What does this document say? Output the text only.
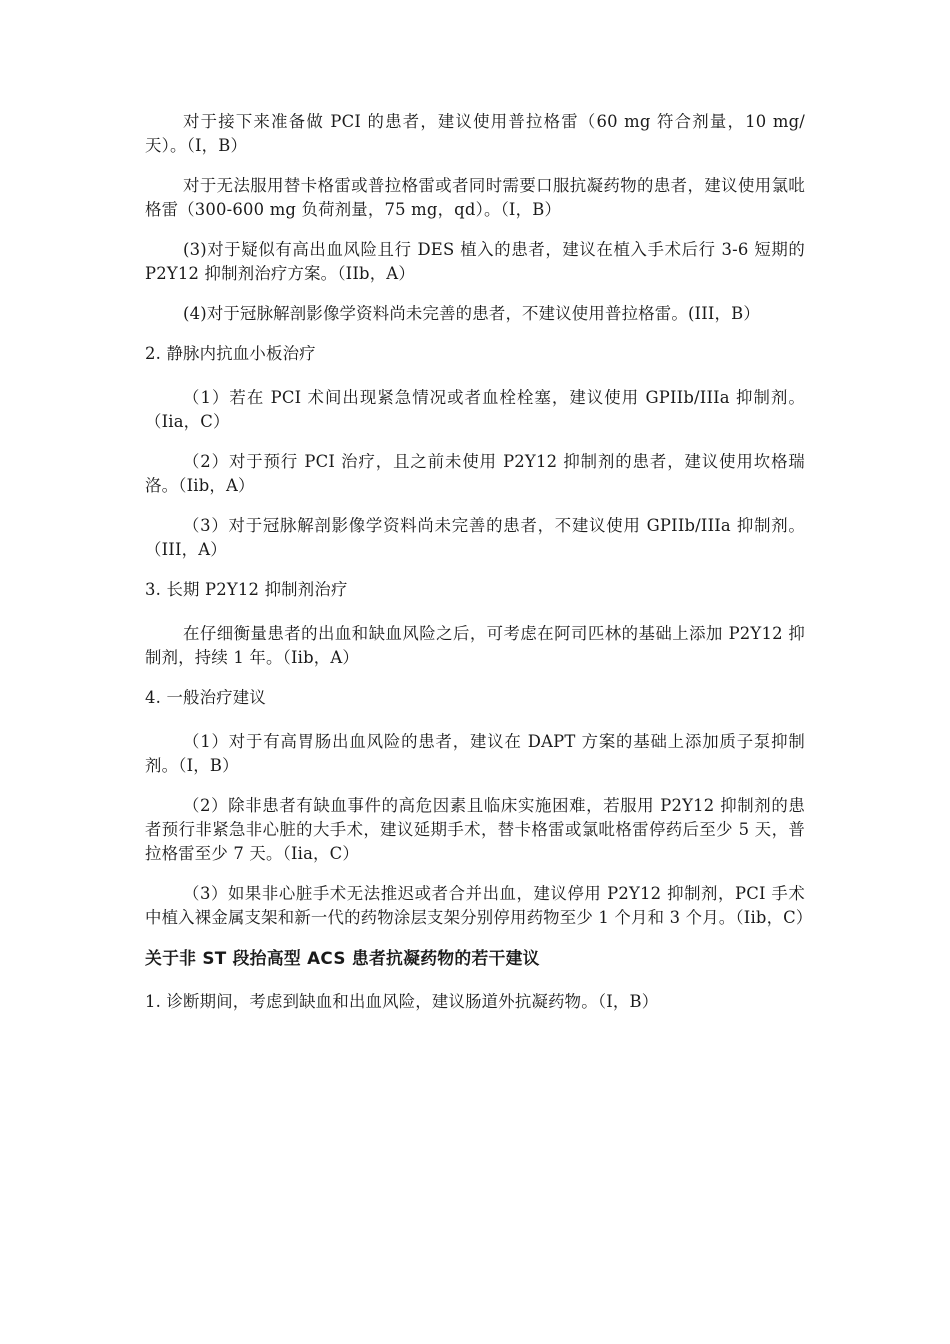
对于接下来准备做 PCI 的患者，建议使用普拉格雷（60 mg 符合剂量，10 mg/天）。（I，B）

对于无法服用替卡格雷或普拉格雷或者同时需要口服抗凝药物的患者，建议使用氯吡格雷（300-600 mg 负荷剂量，75 mg，qd）。（I，B）

(3)对于疑似有高出血风险且行 DES 植入的患者，建议在植入手术后行 3-6 短期的 P2Y12 抑制剂治疗方案。（IIb，A）

(4)对于冠脉解剖影像学资料尚未完善的患者，不建议使用普拉格雷。(III，B）

2. 静脉内抗血小板治疗

（1）若在 PCI 术间出现紧急情况或者血栓栓塞，建议使用 GPIIb/IIIa 抑制剂。（Iia，C）

（2）对于预行 PCI 治疗，且之前未使用 P2Y12 抑制剂的患者，建议使用坎格瑞洛。（Iib，A）

（3）对于冠脉解剖影像学资料尚未完善的患者，不建议使用 GPIIb/IIIa 抑制剂。（III，A）

3. 长期 P2Y12 抑制剂治疗

在仔细衡量患者的出血和缺血风险之后，可考虑在阿司匹林的基础上添加 P2Y12 抑制剂，持续 1 年。（Iib，A）

4. 一般治疗建议

（1）对于有高胃肠出血风险的患者，建议在 DAPT 方案的基础上添加质子泵抑制剂。（I，B）

（2）除非患者有缺血事件的高危因素且临床实施困难，若服用 P2Y12 抑制剂的患者预行非紧急非心脏的大手术，建议延期手术，替卡格雷或氯吡格雷停药后至少 5 天，普拉格雷至少 7 天。（Iia，C）

（3）如果非心脏手术无法推迟或者合并出血，建议停用 P2Y12 抑制剂，PCI 手术中植入裸金属支架和新一代的药物涂层支架分别停用药物至少 1 个月和 3 个月。（Iib，C）

关于非 ST 段抬高型 ACS 患者抗凝药物的若干建议

1. 诊断期间，考虑到缺血和出血风险，建议肠道外抗凝药物。（I，B）
